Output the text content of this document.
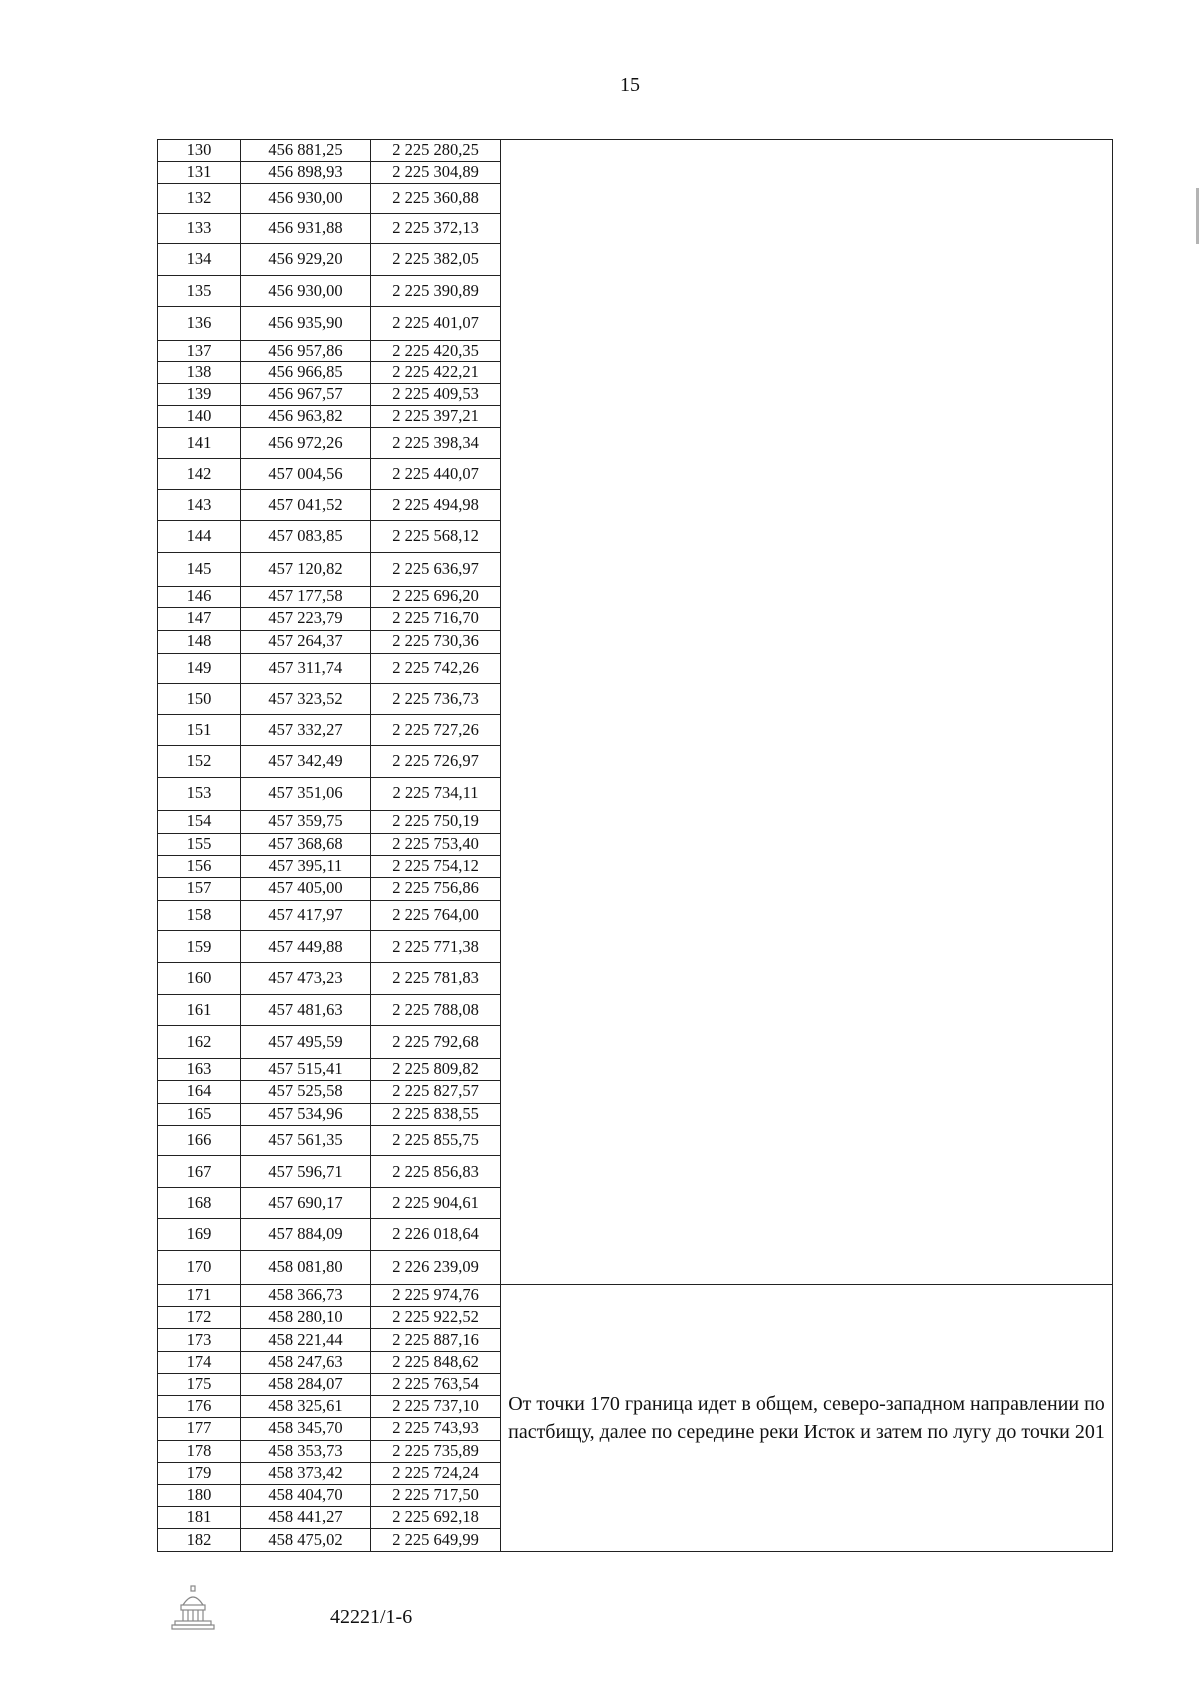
15
130	456 881,25	2 225 280,25	
131	456 898,93	2 225 304,89	
132	456 930,00	2 225 360,88	
133	456 931,88	2 225 372,13	
134	456 929,20	2 225 382,05	
135	456 930,00	2 225 390,89	
136	456 935,90	2 225 401,07	
137	456 957,86	2 225 420,35	
138	456 966,85	2 225 422,21	
139	456 967,57	2 225 409,53	
140	456 963,82	2 225 397,21	
141	456 972,26	2 225 398,34	
142	457 004,56	2 225 440,07	
143	457 041,52	2 225 494,98	
144	457 083,85	2 225 568,12	
145	457 120,82	2 225 636,97	
146	457 177,58	2 225 696,20	
147	457 223,79	2 225 716,70	
148	457 264,37	2 225 730,36	
149	457 311,74	2 225 742,26	
150	457 323,52	2 225 736,73	
151	457 332,27	2 225 727,26	
152	457 342,49	2 225 726,97	
153	457 351,06	2 225 734,11	
154	457 359,75	2 225 750,19	
155	457 368,68	2 225 753,40	
156	457 395,11	2 225 754,12	
157	457 405,00	2 225 756,86	
158	457 417,97	2 225 764,00	
159	457 449,88	2 225 771,38	
160	457 473,23	2 225 781,83	
161	457 481,63	2 225 788,08	
162	457 495,59	2 225 792,68	
163	457 515,41	2 225 809,82	
164	457 525,58	2 225 827,57	
165	457 534,96	2 225 838,55	
166	457 561,35	2 225 855,75	
167	457 596,71	2 225 856,83	
168	457 690,17	2 225 904,61	
169	457 884,09	2 226 018,64	
170	458 081,80	2 226 239,09	
171	458 366,73	2 225 974,76	От точки 170 граница идет в общем, северо-западном направлении по пастбищу, далее по середине реки Исток и затем по лугу до точки 201
172	458 280,10	2 225 922,52	
173	458 221,44	2 225 887,16	
174	458 247,63	2 225 848,62	
175	458 284,07	2 225 763,54	
176	458 325,61	2 225 737,10	
177	458 345,70	2 225 743,93	
178	458 353,73	2 225 735,89	
179	458 373,42	2 225 724,24	
180	458 404,70	2 225 717,50	
181	458 441,27	2 225 692,18	
182	458 475,02	2 225 649,99	
42221/1-6
